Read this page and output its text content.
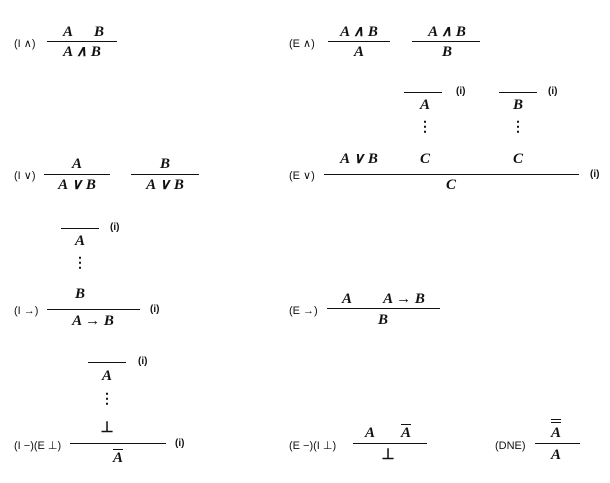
(I ∧)
A B
A ∧ B	(E ∧)
A ∧ B
A
A ∧ B
B
(I ∨)
A
A ∨ B
B
A ∨ B
(E ∨)
(i)
A
⋮
C
(i)
B
⋮
C
A ∨ B
(i)
C
(I →)
(i)
A
⋮
B
(i)
A → B
(E →)
A A → B
B
(I −)(E ⊥)
(i)
A
⋮
⊥
(i)
$\overline{A}$
(E −)(I ⊥)
A $\overline{A}$
⊥
(DNE)
A
A
